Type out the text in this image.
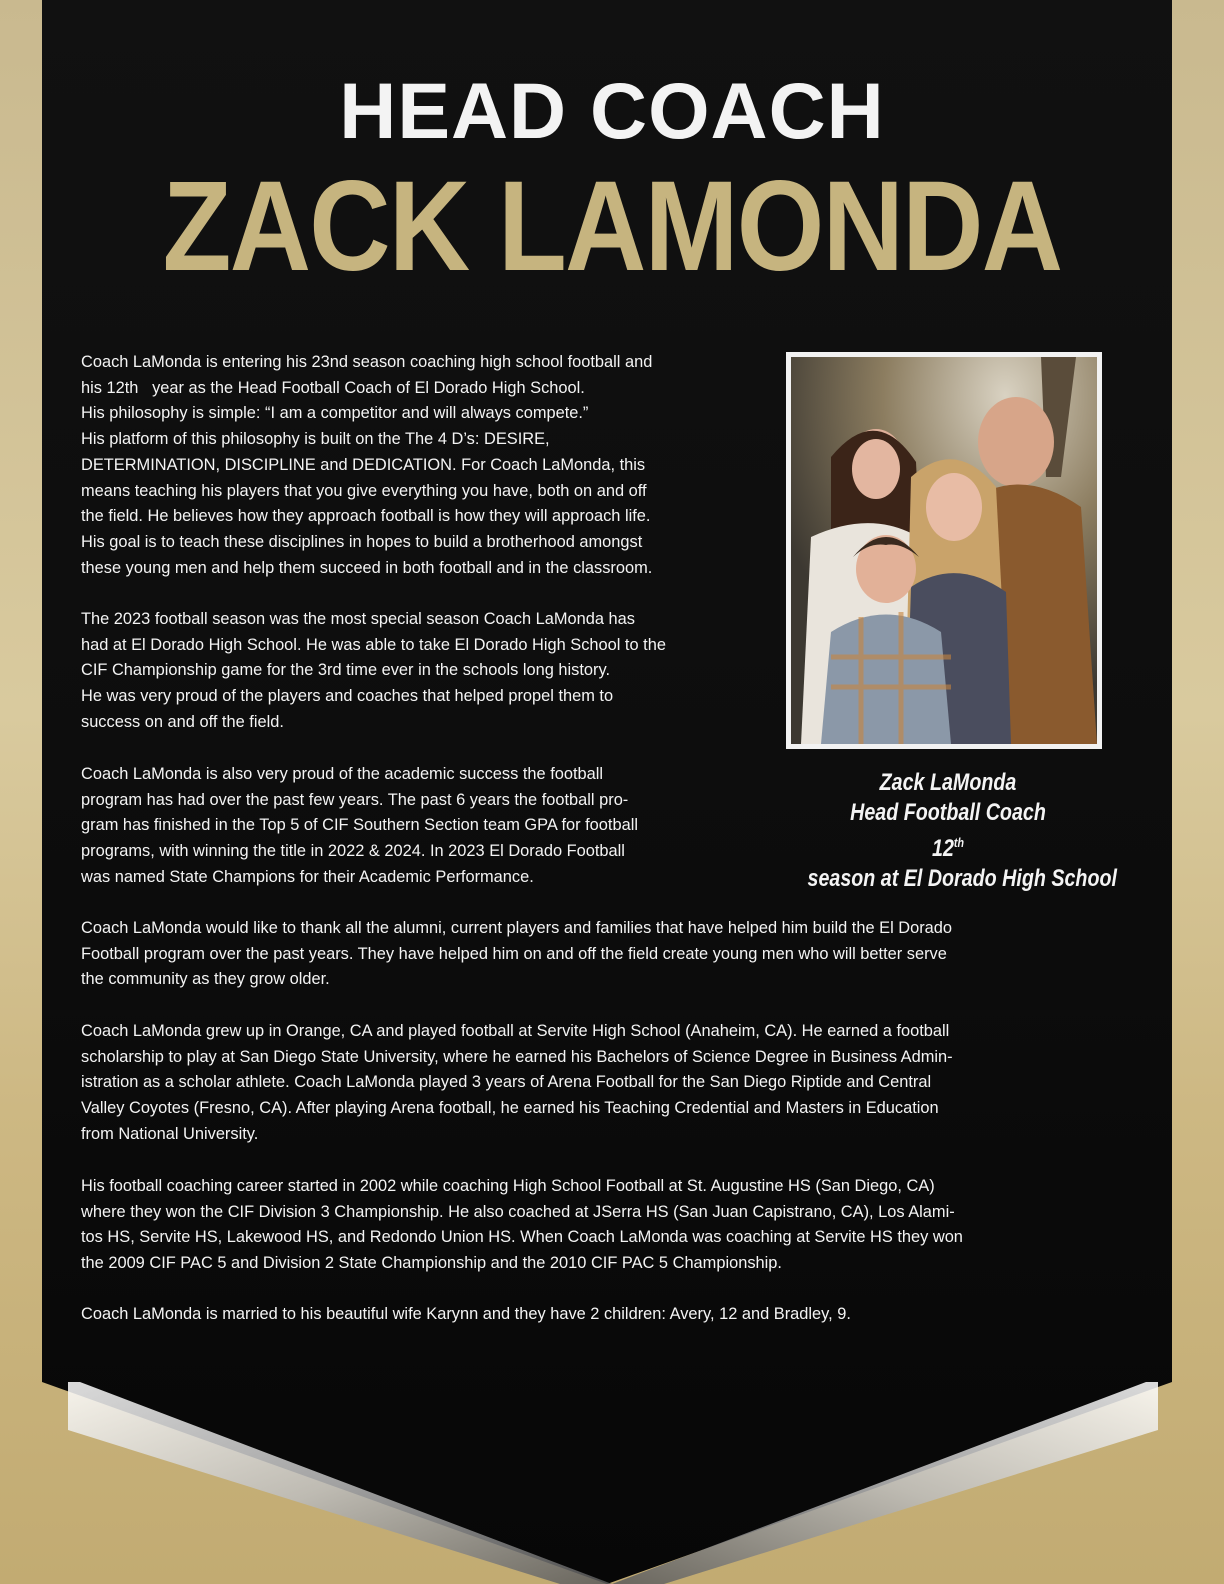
HEAD COACH
ZACK LAMONDA
Coach LaMonda is entering his 23nd season coaching high school football and
his 12th   year as the Head Football Coach of El Dorado High School.
His philosophy is simple: “I am a competitor and will always compete.”
His platform of this philosophy is built on the The 4 D’s: DESIRE,
DETERMINATION, DISCIPLINE and DEDICATION. For Coach LaMonda, this
means teaching his players that you give everything you have, both on and off
the field. He believes how they approach football is how they will approach life.
His goal is to teach these disciplines in hopes to build a brotherhood amongst
these young men and help them succeed in both football and in the classroom.
The 2023 football season was the most special season Coach LaMonda has
had at El Dorado High School. He was able to take El Dorado High School to the
CIF Championship game for the 3rd time ever in the schools long history.
He was very proud of the players and coaches that helped propel them to
success on and off the field.
Coach LaMonda is also very proud of the academic success the football
program has had over the past few years. The past 6 years the football pro-
gram has finished in the Top 5 of CIF Southern Section team GPA for football
programs, with winning the title in 2022 & 2024. In 2023 El Dorado Football
was named State Champions for their Academic Performance.
Coach LaMonda would like to thank all the alumni, current players and families that have helped him build the El Dorado
Football program over the past years. They have helped him on and off the field create young men who will better serve
the community as they grow older.
Coach LaMonda grew up in Orange, CA and played football at Servite High School (Anaheim, CA). He earned a football
scholarship to play at San Diego State University, where he earned his Bachelors of Science Degree in Business Admin-
istration as a scholar athlete. Coach LaMonda played 3 years of Arena Football for the San Diego Riptide and Central
Valley Coyotes (Fresno, CA). After playing Arena football, he earned his Teaching Credential and Masters in Education
from National University.
His football coaching career started in 2002 while coaching High School Football at St. Augustine HS (San Diego, CA)
where they won the CIF Division 3 Championship. He also coached at JSerra HS (San Juan Capistrano, CA), Los Alami-
tos HS, Servite HS, Lakewood HS, and Redondo Union HS. When Coach LaMonda was coaching at Servite HS they won
the 2009 CIF PAC 5 and Division 2 State Championship and the 2010 CIF PAC 5 Championship.
Coach LaMonda is married to his beautiful wife Karynn and they have 2 children: Avery, 12 and Bradley, 9.
Zack LaMonda
Head Football Coach
12th season at El Dorado High School
